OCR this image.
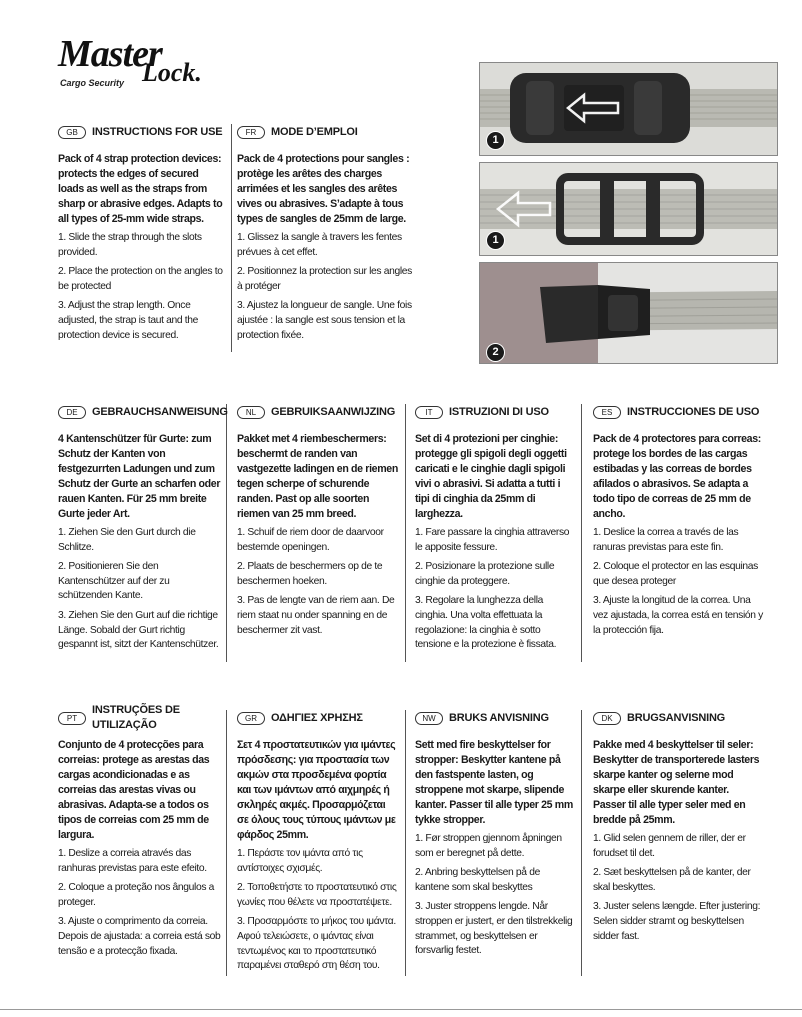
Master
Lock.
Cargo Security
1
1
2
GB	INSTRUCTIONS FOR USE

Pack of 4 strap protection devices: protects the edges of secured loads as well as the straps from sharp or abrasive edges. Adapts to all types of 25-mm wide straps.

1. Slide the strap through the slots provided.

2. Place the protection on the angles to be protected

3. Adjust the strap length. Once adjusted, the strap is taut and the protection device is secured.

FR	MODE D’EMPLOI

Pack de 4 protections pour sangles : protège les arêtes des charges arrimées et les sangles des arêtes vives ou abrasives. S’adapte à tous types de sangles de 25mm de large.

1. Glissez la sangle à travers les fentes prévues à cet effet.

2. Positionnez la protection sur les angles à protéger

3. Ajustez la longueur de sangle. Une fois ajustée : la sangle est sous tension et la protection fixée.

DE	GEBRAUCHSANWEISUNG

4 Kantenschützer für Gurte: zum Schutz der Kanten von festgezurrten Ladungen und zum Schutz der Gurte an scharfen oder rauen Kanten. Für 25 mm breite Gurte jeder Art.

1. Ziehen Sie den Gurt durch die Schlitze.

2. Positionieren Sie den Kantenschützer auf der zu schützenden Kante.

3. Ziehen Sie den Gurt auf die richtige Länge. Sobald der Gurt richtig gespannt ist, sitzt der Kantenschützer.

NL	GEBRUIKSAANWIJZING

Pakket met 4 riembeschermers: beschermt de randen van vastgezette ladingen en de riemen tegen scherpe of schurende randen. Past op alle soorten riemen van 25 mm breed.

1. Schuif de riem door de daarvoor bestemde openingen.

2. Plaats de beschermers op de te beschermen hoeken.

3. Pas de lengte van de riem aan. De riem staat nu onder spanning en de beschermer zit vast.

IT	ISTRUZIONI DI USO

Set di 4 protezioni per cinghie: protegge gli spigoli degli oggetti caricati e le cinghie dagli spigoli vivi o abrasivi. Si adatta a tutti i tipi di cinghia da 25mm di larghezza.

1. Fare passare la cinghia attraverso le apposite fessure.

2. Posizionare la protezione sulle cinghie da proteggere.

3. Regolare la lunghezza della cinghia. Una volta effettuata la regolazione: la cinghia è sotto tensione e la protezione è fissata.

ES	INSTRUCCIONES DE USO

Pack de 4 protectores para correas: protege los bordes de las cargas estibadas y las correas de bordes afilados o abrasivos. Se adapta a todo tipo de correas de 25 mm de ancho.

1. Deslice la correa a través de las ranuras previstas para este fin.

2. Coloque el protector en las esquinas que desea proteger

3. Ajuste la longitud de la correa. Una vez ajustada, la correa está en tensión y la protección fija.

PT
INSTRUÇÕES DE UTILIZAÇÃO

Conjunto de 4 protecções para correias: protege as arestas das cargas acondicionadas e as correias das arestas vivas ou abrasivas. Adapta-se a todos os tipos de correias com 25 mm de largura.

1. Deslize a correia através das ranhuras previstas para este efeito.

2. Coloque a proteção nos ângulos a proteger.

3. Ajuste o comprimento da correia. Depois de ajustada: a correia está sob tensão e a protecção fixada.

GR	ΟΔΗΓΙΕΣ ΧΡΗΣΗΣ

Σετ 4 προστατευτικών για ιμάντες πρόσδεσης: για προστασία των ακμών στα προσδεμένα φορτία και των ιμάντων από αιχμηρές ή σκληρές ακμές. Προσαρμόζεται σε όλους τους τύπους ιμάντων με φάρδος 25mm.

1. Περάστε τον ιμάντα από τις αντίστοιχες σχισμές.

2. Τοποθετήστε το προστατευτικό στις γωνίες που θέλετε να προστατέψετε.

3. Προσαρμόστε το μήκος του ιμάντα. Αφού τελειώσετε, ο ιμάντας είναι τεντωμένος και το προστατευτικό παραμένει σταθερό στη θέση του.

NW	BRUKS ANVISNING

Sett med fire beskyttelser for stropper: Beskytter kantene på den fastspente lasten, og stroppene mot skarpe, slipende kanter. Passer til alle typer 25 mm tykke stropper.

1. Før stroppen gjennom åpningen som er beregnet på dette.

2. Anbring beskyttelsen på de kantene som skal beskyttes

3. Juster stroppens lengde. Når stroppen er justert, er den tilstrekkelig strammet, og beskyttelsen er forsvarlig festet.

DK	BRUGSANVISNING

Pakke med 4 beskyttelser til seler: Beskytter de transporterede lasters skarpe kanter og selerne mod skarpe eller skurende kanter. Passer til alle typer seler med en bredde på 25mm.

1. Glid selen gennem de riller, der er forudset til det.

2. Sæt beskyttelsen på de kanter, der skal beskyttes.

3. Juster selens længde. Efter justering: Selen sidder stramt og beskyttelsen sidder fast.
